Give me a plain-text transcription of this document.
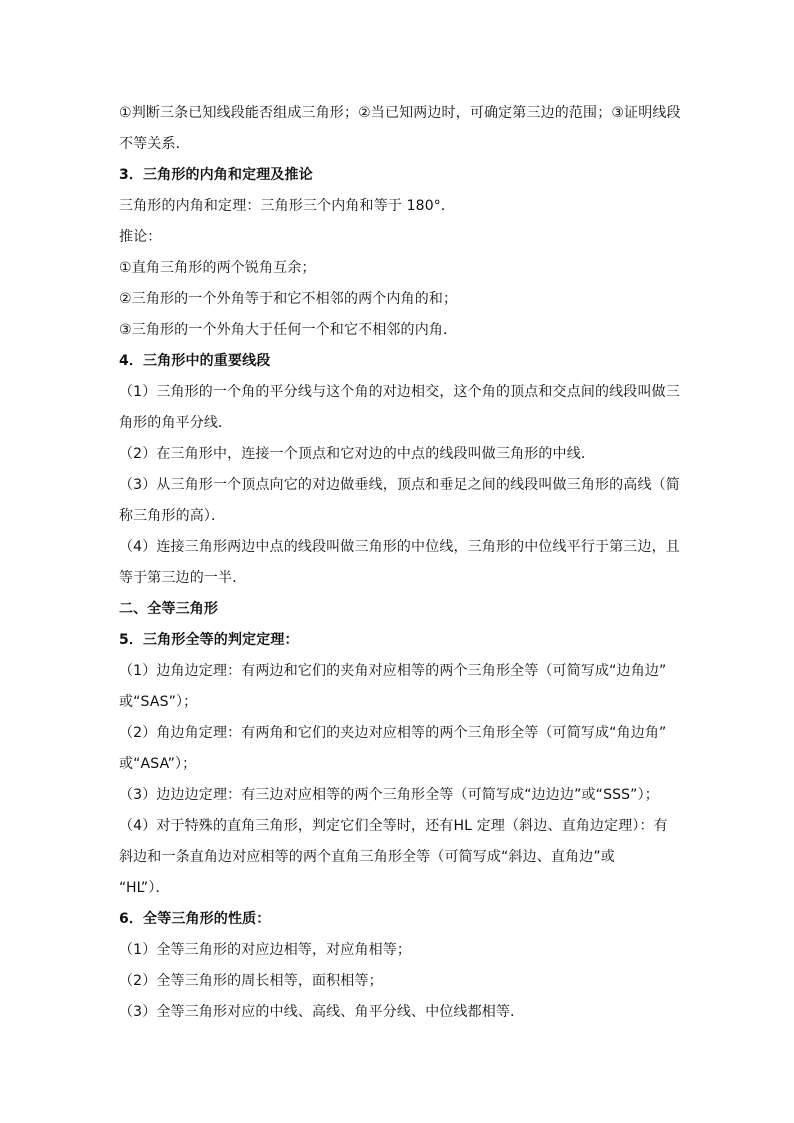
①判断三条已知线段能否组成三角形；②当已知两边时，可确定第三边的范围；③证明线段
不等关系．
3．三角形的内角和定理及推论
三角形的内角和定理：三角形三个内角和等于 180°．
推论：
①直角三角形的两个锐角互余；
②三角形的一个外角等于和它不相邻的两个内角的和；
③三角形的一个外角大于任何一个和它不相邻的内角．
4．三角形中的重要线段
（1）三角形的一个角的平分线与这个角的对边相交，这个角的顶点和交点间的线段叫做三
角形的角平分线．
（2）在三角形中，连接一个顶点和它对边的中点的线段叫做三角形的中线．
（3）从三角形一个顶点向它的对边做垂线，顶点和垂足之间的线段叫做三角形的高线（简
称三角形的高）．
（4）连接三角形两边中点的线段叫做三角形的中位线，三角形的中位线平行于第三边，且
等于第三边的一半．
二、全等三角形
5．三角形全等的判定定理：
（1）边角边定理：有两边和它们的夹角对应相等的两个三角形全等（可简写成“边角边”
或“SAS”）；
（2）角边角定理：有两角和它们的夹边对应相等的两个三角形全等（可简写成“角边角”
或“ASA”）；
（3）边边边定理：有三边对应相等的两个三角形全等（可简写成“边边边”或“SSS”）；
（4）对于特殊的直角三角形，判定它们全等时，还有HL 定理（斜边、直角边定理）：有
斜边和一条直角边对应相等的两个直角三角形全等（可简写成“斜边、直角边”或
“HL”）．
6．全等三角形的性质：
（1）全等三角形的对应边相等，对应角相等；
（2）全等三角形的周长相等，面积相等；
（3）全等三角形对应的中线、高线、角平分线、中位线都相等．
